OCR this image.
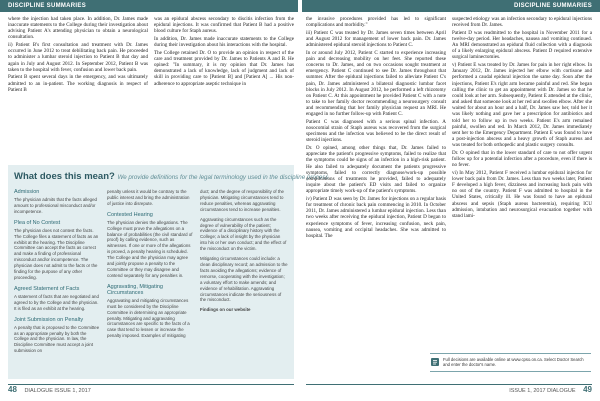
DISCIPLINE SUMMARIES	DISCIPLINE SUMMARIES

where the injection had taken place. In addition, Dr. James made inaccurate statements to the College during their investigation about advising Patient A's attending physician to obtain a neurological consultation.

ii) Patient B's first consultation and treatment with Dr. James occurred in June 2012 to treat debilitating back pain. He proceeded to administer a lumbar steroid injection to Patient B that day and again in July and August 2012. In September 2012, Patient B was taken to the hospital with fever, confusion and lower back pain.

Patient B spent several days in the emergency, and was ultimately admitted to an in-patient. The working diagnosis in respect of Patient B

was an epidural abscess secondary to discitis infection from the epidural injections. It was confirmed that Patient B had a positive blood culture for Staph aureus.

In addition, Dr. James made inaccurate statements to the College during their investigation about his interactions with the hospital.

The College retained Dr. O to provide an opinion in respect of the care and treatment provided by Dr. James to Patients A and B. He opined: "In summary, it is my opinion that Dr. James has demonstrated a lack of knowledge, lack of judgment and lack of skill in providing care to [Patient B] and [Patient A] ... His non-adherence to appropriate aseptic technique in

What does this mean? We provide definitions for the legal terminology used in the discipline process
Admission

The physician admits that the facts alleged amount to professional misconduct and/or incompetence.

Plea of No Contest

The physician does not contest the facts. The College files a statement of facts as an exhibit at the hearing. The Discipline Committee can accept the facts as correct and make a finding of professional misconduct and/or incompetence. The physician does not admit to the facts or the finding for the purpose of any other proceeding.

Agreed Statement of Facts

A statement of facts that are negotiated and agreed to by the College and the physician. It is filed as an exhibit at the hearing.

Joint Submission on Penalty

A penalty that is proposed to the Committee as an appropriate penalty by both the College and the physician. In law, the Discipline Committee must accept a joint submission on

penalty unless it would be contrary to the public interest and bring the administration of justice into disrepute.

Contested Hearing

The physician denies the allegations. The College must prove the allegations on a balance of probabilities (the civil standard of proof) by calling evidence, such as witnesses. If one or more of the allegations is proved, a penalty hearing is scheduled. The College and the physician may agree and jointly propose a penalty to the Committee or they may disagree and contend separately for any penalties in.

Aggravating, Mitigating Circumstances

Aggravating and mitigating circumstances must be considered by the Discipline Committee in determining an appropriate penalty. Mitigating and aggravating circumstances are specific to the facts of a case that tend to lessen or increase the penalty imposed. Examples of mitigating

duct; and the degree of responsibility of the physician. Mitigating circumstances tend to reduce penalties, whereas aggravating circumstances tend to increase penalties.

Aggravating circumstances such as the degree of vulnerability of the patient; evidence of a disciplinary history with the College; a lack of insight by the physician into his or her own conduct; and the effect of the misconduct on the victim.

Mitigating circumstances could include: a clean disciplinary record; an admission to the facts avoiding the allegations; evidence of remorse, cooperating with the investigation; a voluntary effort to make amends; and evidence of rehabilitation. Aggravating circumstances indicate the seriousness of the misconduct.

Findings on our website

the invasive procedures provided has led to significant complications and morbidity."

iii) Patient C was treated by Dr. James seven times between April and August 2012 for management of lower back pain. Dr. James administered epidural steroid injections to Patient C.

In or around July 2012, Patient C started to experience increasing pain and decreasing mobility on her feet. She reported these concerns to Dr. James, and on two occasions sought treatment at emergency. Patient C continued to see Dr. James throughout that summer. After the epidural injections failed to alleviate Patient C's pain, Dr. James administered a bilateral diagnostic lumbar facet blocks in July 2012. In August 2012, he performed a left rhizotomy on Patient C. At this appointment he provided Patient C with a note to take to her family doctor recommending a neurosurgery consult and recommending that her family physician request an MRI. He engaged in no further follow-up with Patient C.

Patient C was diagnosed with a serious spinal infection. A nosocomial strain of Staph aureus was recovered from the surgical specimens and the infection was believed to be the direct result of steroid injections.

Dr. O opined, among other things that, Dr. James failed to appreciate the patient's progressive symptoms, failed to realize that the symptoms could be signs of an infection in a high-risk patient. He also failed to adequately document the patients progressive symptoms, failed to correctly diagnose/work-up possible complications of treatments he provided, failed to adequately inquire about the patient's ED visits and failed to organize appropriate timely work-up of the patient's symptoms.

iv) Patient D was seen by Dr. James for injections on a regular basis for treatment of chronic back pain commencing in 2010. In October 2011, Dr. James administered a lumbar epidural injection. Less than two weeks after receiving the epidural injection, Patient D began to experience symptoms of fever, increasing confusion, neck pain, nausea, vomiting and occipital headaches. She was admitted to hospital. The

suspected etiology was an infection secondary to epidural injections received from Dr. James.

Patient D was readmitted to the hospital in November 2011 for a twelve-day period. Her headaches, nausea and vomiting continued. An MRI demonstrated an epidural fluid collection with a diagnosis of a likely enlarging epidural abscess. Patient D required extensive surgical laminectomies.

v) Patient E was treated by Dr. James for pain in her right elbow. In January 2012, Dr. James injected her elbow with cortisone and performed a caudal epidural injection the same day. Soon after the injections, Patient E's right arm became painful and red. She began calling the clinic to get an appointment with Dr. James so that he could look at her arm. Subsequently, Patient E attended at the clinic, and asked that someone look at her red and swollen elbow. After she waited for about an hour and a half, Dr. James saw her, told her it was likely nothing and gave her a prescription for antibiotics and told her to follow up in two weeks. Patient E's arm remained painful, swollen and red. In March 2012, Dr. James immediately sent her to the Emergency Department. Patient E was found to have a post-injection abscess and a heavy growth of Staph aureus and was treated for both orthopedic and plastic surgery consults.

Dr. O opined that in the lower standard of care to not offer urgent follow up for a potential infection after a procedure, even if there is no fever.

vi) In May 2012, Patient F received a lumbar epidural injection for lower back pain from Dr. James. Less than two weeks later, Patient F developed a high fever, dizziness and increasing back pain with no out of the country. Patient F was admitted to hospital in the United States, critically ill. He was found to have an epidural abscess and sepsis (Staph aureus bacteremia), requiring ICU admission, intubation and neurosurgical evacuation together with stand lami-

Full decisions are available online at www.cpso.on.ca. Select Doctor Search and enter the doctor's name.
48 DIALOGUE ISSUE 1, 2017	ISSUE 1, 2017 DIALOGUE 49
